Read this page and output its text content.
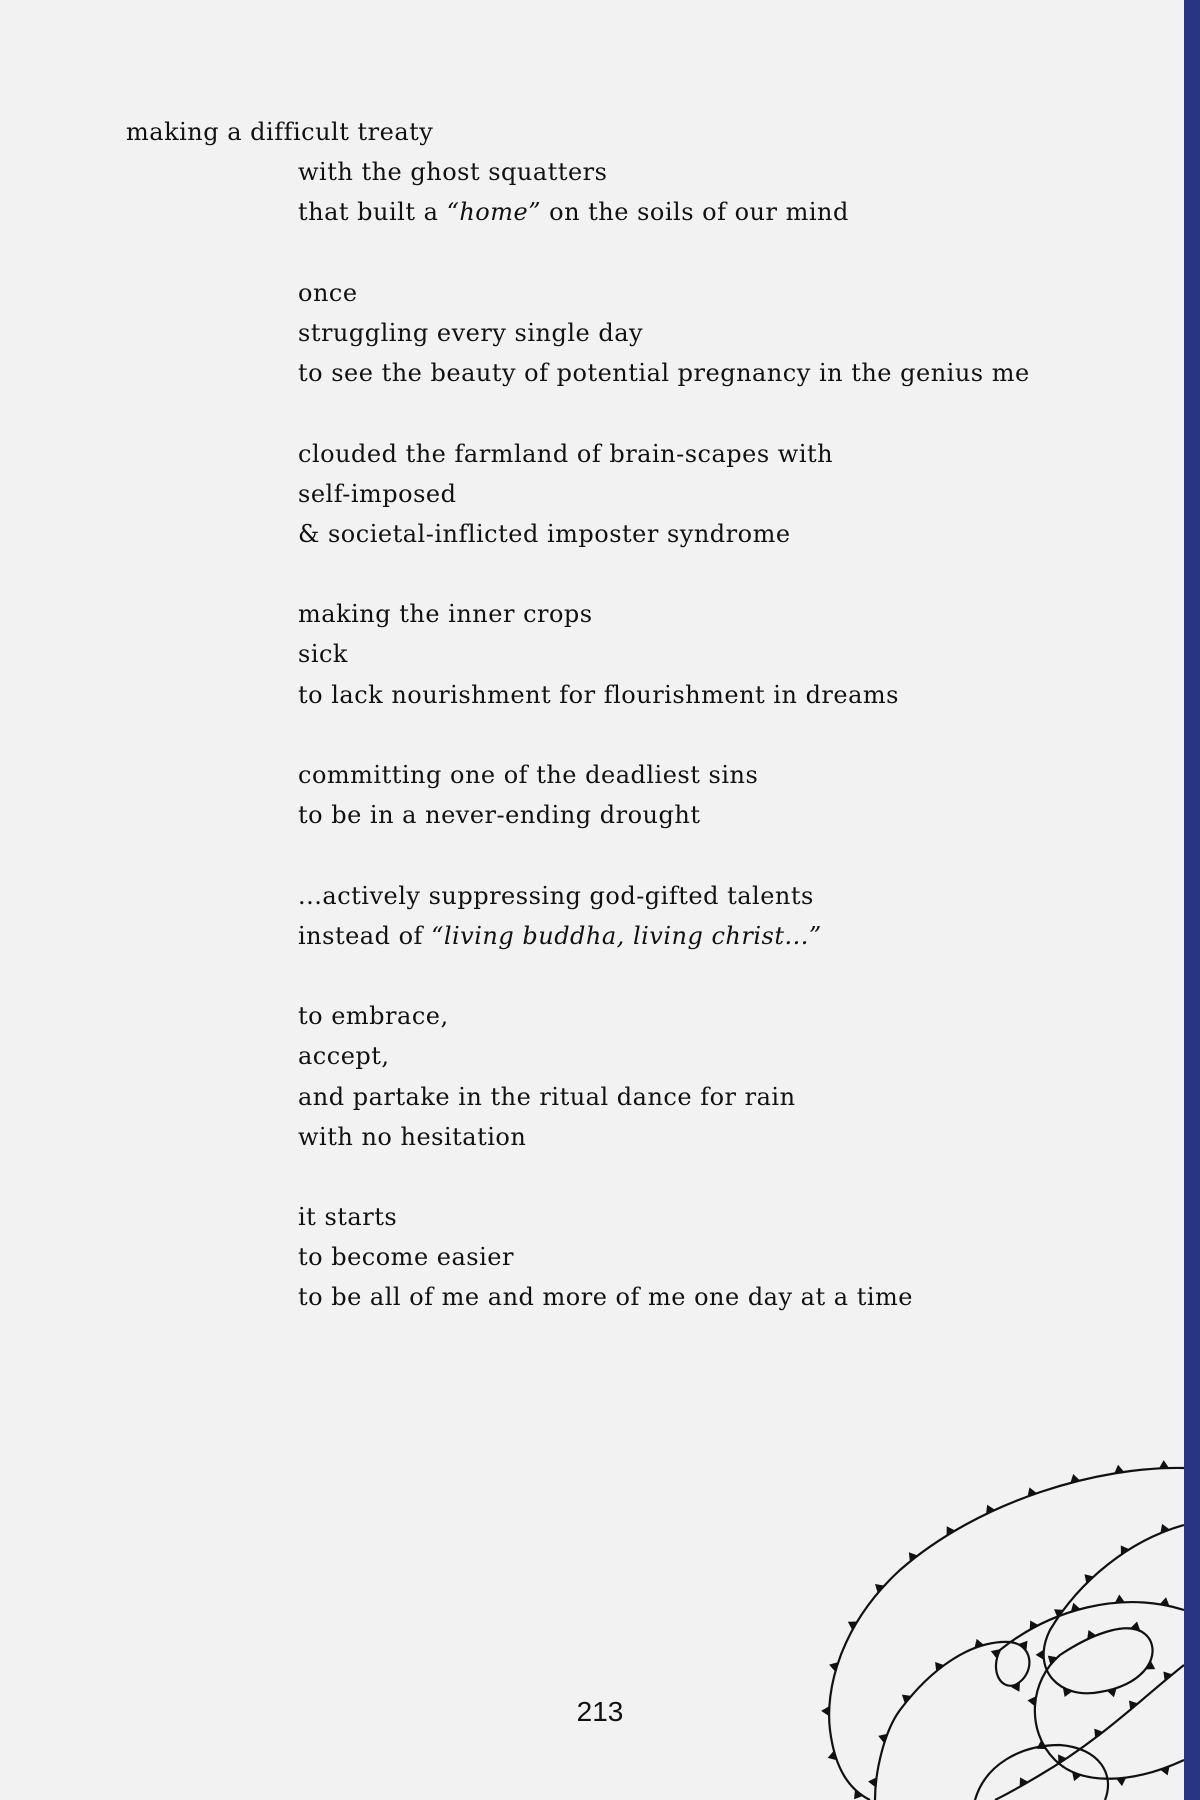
making a difficult treaty
with the ghost squatters
that built a “home” on the soils of our mind
once
struggling every single day
to see the beauty of potential pregnancy in the genius me
clouded the farmland of brain-scapes with
self-imposed
& societal-inflicted imposter syndrome
making the inner crops
sick
to lack nourishment for flourishment in dreams
committing one of the deadliest sins
to be in a never-ending drought
...actively suppressing god-gifted talents
instead of “living buddha, living christ...”
to embrace,
accept,
and partake in the ritual dance for rain
with no hesitation
it starts
to become easier
to be all of me and more of me one day at a time
213
